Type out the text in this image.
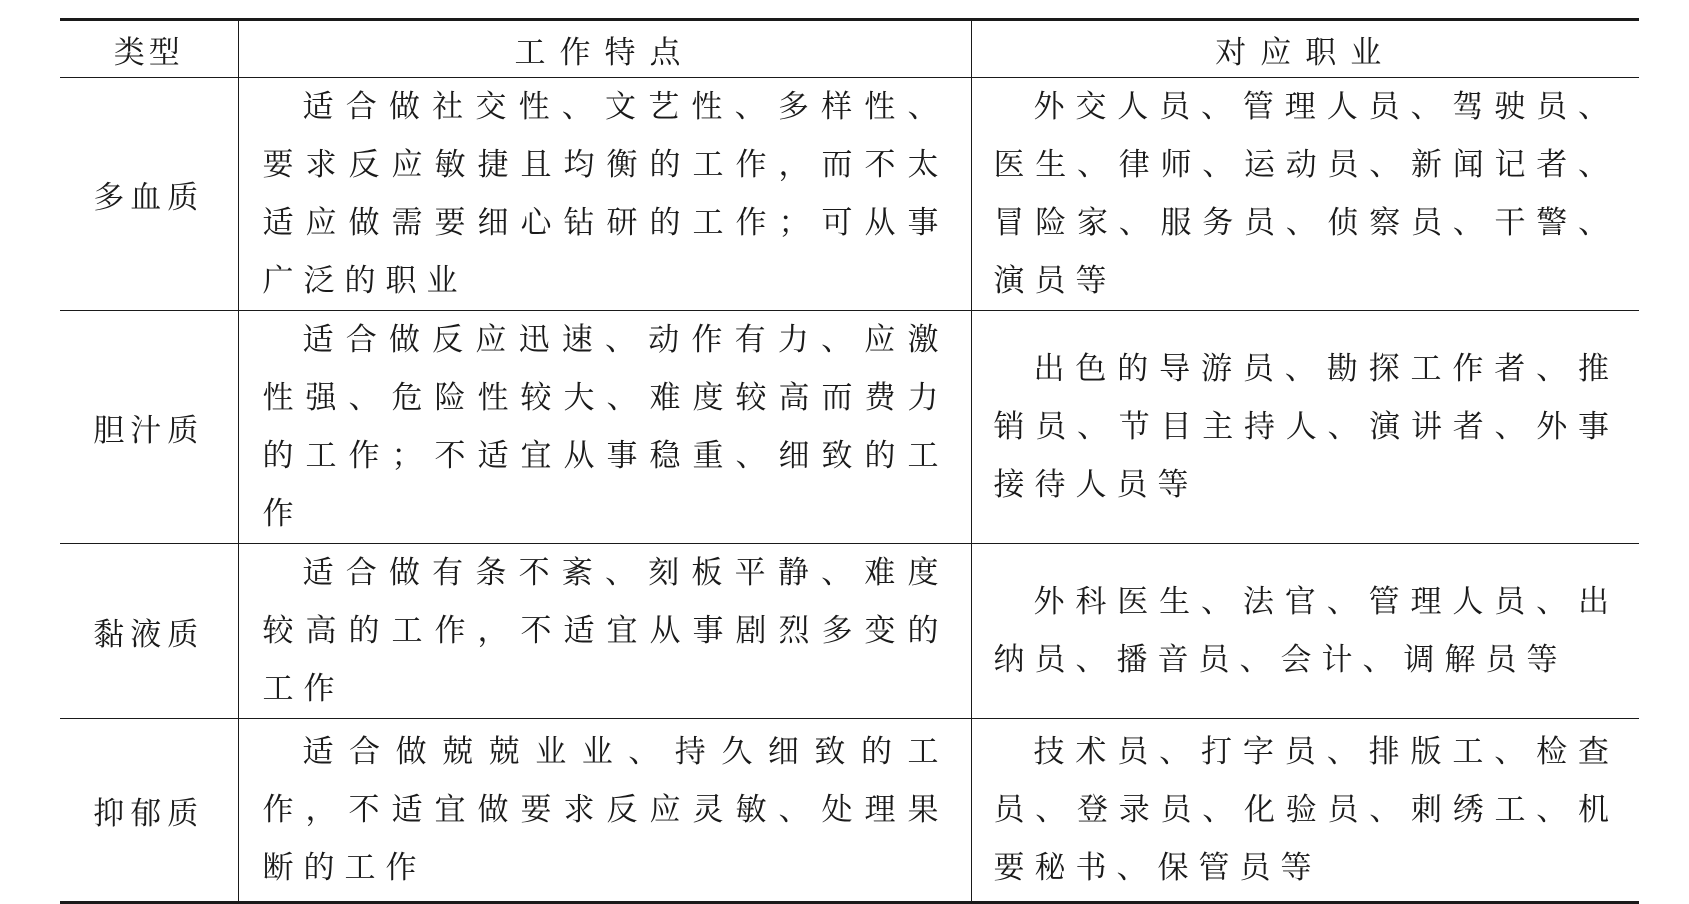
类型	工作特点	对应职业
多血质	适合做社交性、文艺性、多样性、要求反应敏捷且均衡的工作，而不太适应做需要细心钻研的工作；可从事广泛的职业	外交人员、管理人员、驾驶员、医生、律师、运动员、新闻记者、冒险家、服务员、侦察员、干警、演员等
胆汁质	适合做反应迅速、动作有力、应激性强、危险性较大、难度较高而费力的工作；不适宜从事稳重、细致的工作	出色的导游员、勘探工作者、推销员、节目主持人、演讲者、外事接待人员等
黏液质	适合做有条不紊、刻板平静、难度较高的工作，不适宜从事剧烈多变的工作	外科医生、法官、管理人员、出纳员、播音员、会计、调解员等
抑郁质	适合做兢兢业业、持久细致的工作，不适宜做要求反应灵敏、处理果断的工作	技术员、打字员、排版工、检查员、登录员、化验员、刺绣工、机要秘书、保管员等
